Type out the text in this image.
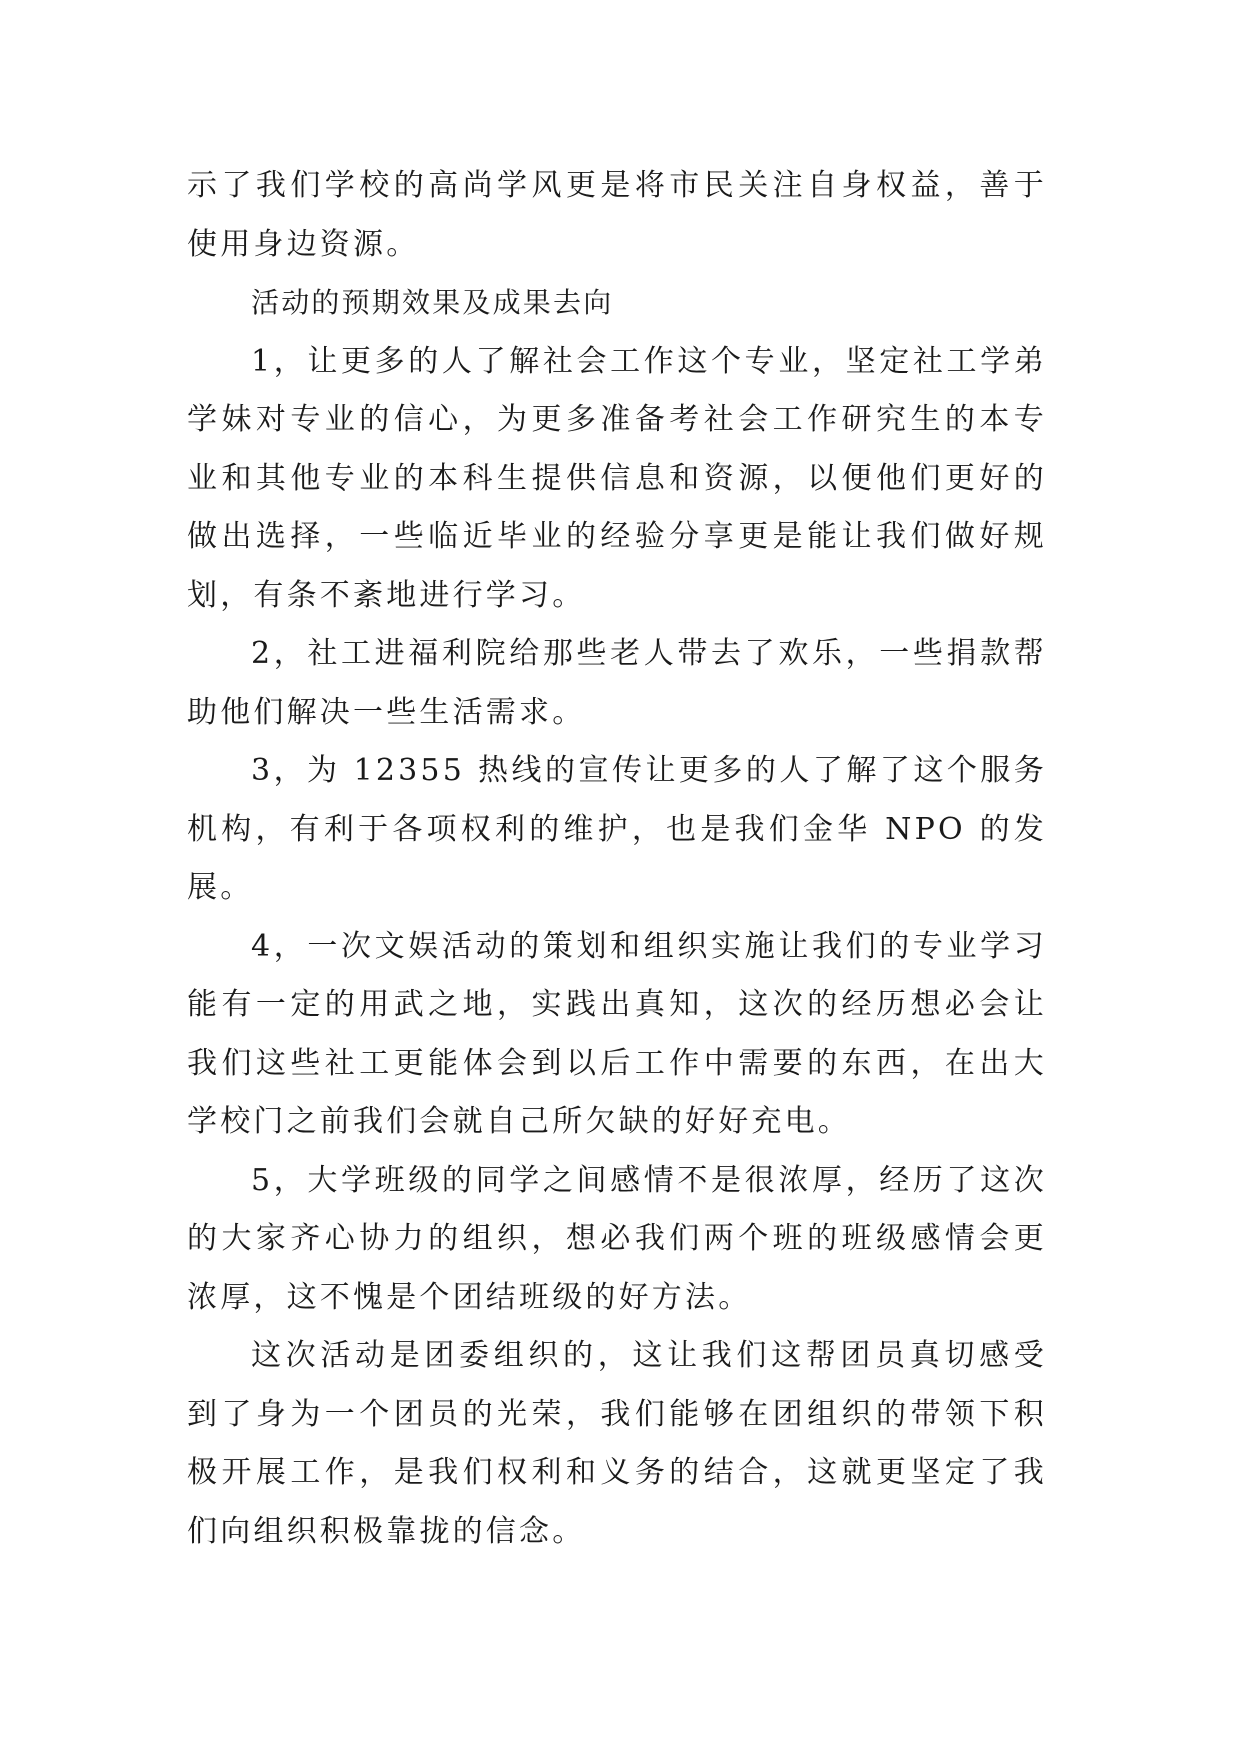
示了我们学校的高尚学风更是将市民关注自身权益，善于使用身边资源。

活动的预期效果及成果去向

1，让更多的人了解社会工作这个专业，坚定社工学弟学妹对专业的信心，为更多准备考社会工作研究生的本专业和其他专业的本科生提供信息和资源，以便他们更好的做出选择，一些临近毕业的经验分享更是能让我们做好规划，有条不紊地进行学习。

2，社工进福利院给那些老人带去了欢乐，一些捐款帮助他们解决一些生活需求。

3，为 12355 热线的宣传让更多的人了解了这个服务机构，有利于各项权利的维护，也是我们金华 NPO 的发展。

4，一次文娱活动的策划和组织实施让我们的专业学习能有一定的用武之地，实践出真知，这次的经历想必会让我们这些社工更能体会到以后工作中需要的东西，在出大学校门之前我们会就自己所欠缺的好好充电。

5，大学班级的同学之间感情不是很浓厚，经历了这次的大家齐心协力的组织，想必我们两个班的班级感情会更浓厚，这不愧是个团结班级的好方法。

这次活动是团委组织的，这让我们这帮团员真切感受到了身为一个团员的光荣，我们能够在团组织的带领下积极开展工作，是我们权利和义务的结合，这就更坚定了我们向组织积极靠拢的信念。
